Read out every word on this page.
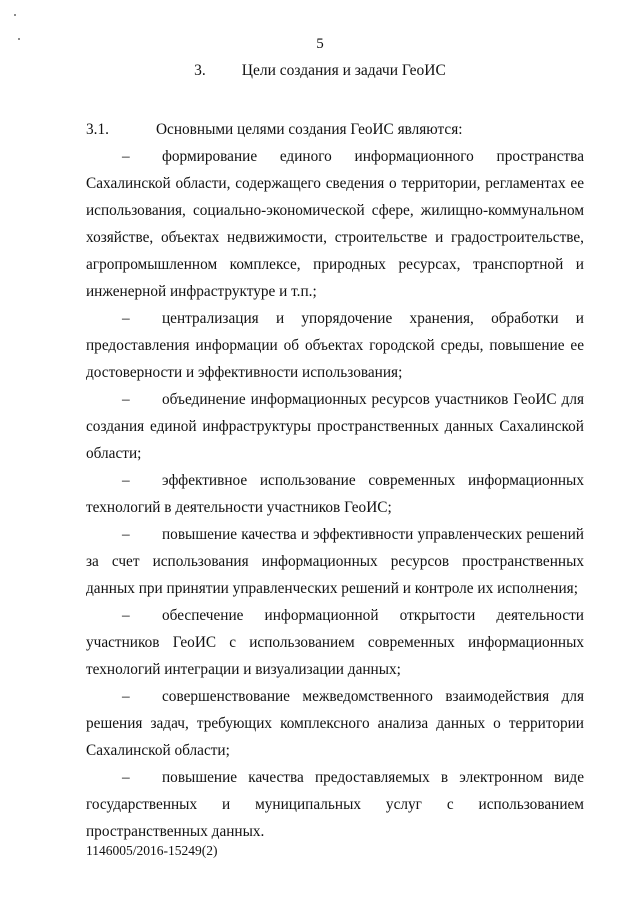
5
3. Цели создания и задачи ГеоИС

3.1.	Основными целями создания ГеоИС являются:

– формирование единого информационного пространства Сахалинской области, содержащего сведения о территории, регламентах ее использования, социально-экономической сфере, жилищно-коммунальном хозяйстве, объектах недвижимости, строительстве и градостроительстве, агропромышленном комплексе, природных ресурсах, транспортной и инженерной инфраструктуре и т.п.;

– централизация и упорядочение хранения, обработки и предоставления информации об объектах городской среды, повышение ее достоверности и эффективности использования;

– объединение информационных ресурсов участников ГеоИС для создания единой инфраструктуры пространственных данных Сахалинской области;

– эффективное использование современных информационных технологий в деятельности участников ГеоИС;

– повышение качества и эффективности управленческих решений за счет использования информационных ресурсов пространственных данных при принятии управленческих решений и контроле их исполнения;

– обеспечение информационной открытости деятельности участников ГеоИС с использованием современных информационных технологий интеграции и визуализации данных;

– совершенствование межведомственного взаимодействия для решения задач, требующих комплексного анализа данных о территории Сахалинской области;

– повышение качества предоставляемых в электронном виде государственных и муниципальных услуг с использованием пространственных данных.

1146005/2016-15249(2)
